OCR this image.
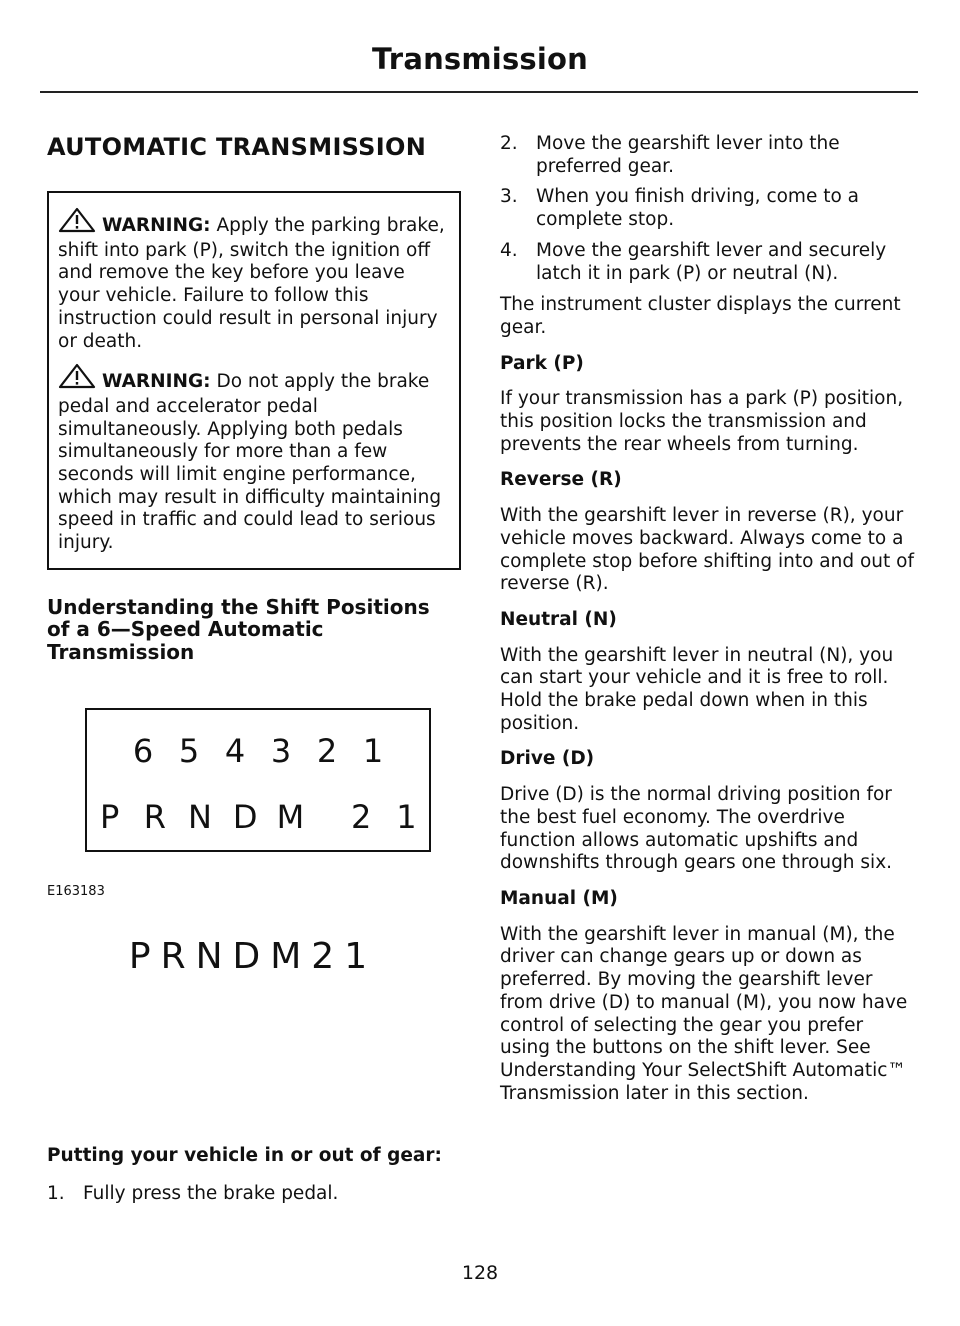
Transmission
AUTOMATIC TRANSMISSION

WARNING: Apply the parking brake, shift into park (P), switch the ignition off and remove the key before you leave your vehicle. Failure to follow this instruction could result in personal injury or death.

WARNING: Do not apply the brake pedal and accelerator pedal simultaneously. Applying both pedals simultaneously for more than a few seconds will limit engine performance, which may result in difficulty maintaining speed in traffic and could lead to serious injury.

Understanding the Shift Positions of a 6—Speed Automatic Transmission
6 5 4 3 2 1
P R N D M	2 1
E163183
PRNDM21
Putting your vehicle in or out of gear:
1. Fully press the brake pedal.
2. Move the gearshift lever into the preferred gear.
3. When you finish driving, come to a complete stop.
4. Move the gearshift lever and securely latch it in park (P) or neutral (N).

The instrument cluster displays the current gear.

Park (P)

If your transmission has a park (P) position, this position locks the transmission and prevents the rear wheels from turning.

Reverse (R)

With the gearshift lever in reverse (R), your vehicle moves backward. Always come to a complete stop before shifting into and out of reverse (R).

Neutral (N)

With the gearshift lever in neutral (N), you can start your vehicle and it is free to roll. Hold the brake pedal down when in this position.

Drive (D)

Drive (D) is the normal driving position for the best fuel economy. The overdrive function allows automatic upshifts and downshifts through gears one through six.

Manual (M)

With the gearshift lever in manual (M), the driver can change gears up or down as preferred. By moving the gearshift lever from drive (D) to manual (M), you now have control of selecting the gear you prefer using the buttons on the shift lever. See Understanding Your SelectShift Automatic™ Transmission later in this section.

128
